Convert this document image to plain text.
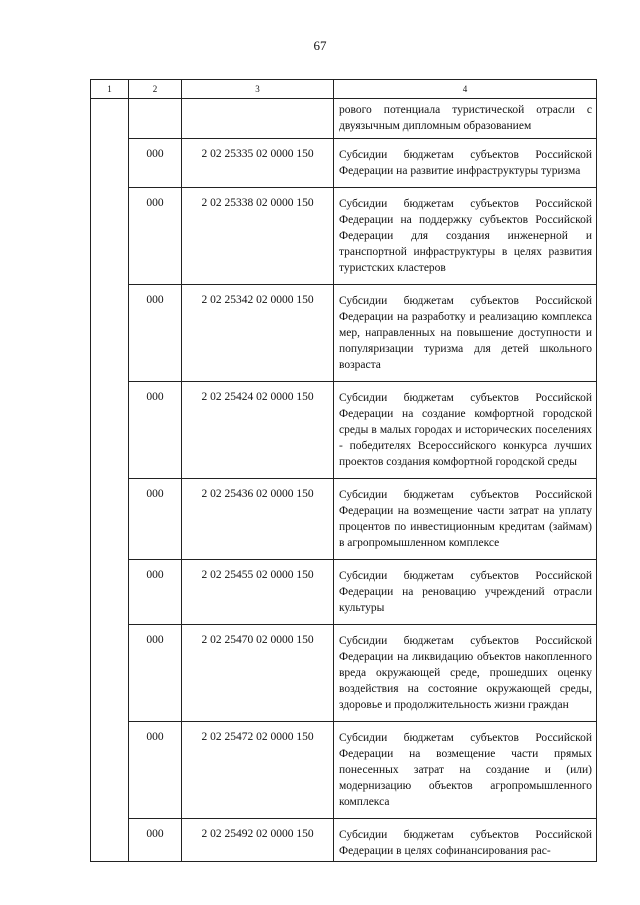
67
1	2	3	4
			рового потенциала туристической отрасли с двуязычным дипломным образованием
	000	2 02 25335 02 0000 150	Субсидии бюджетам субъектов Российской Федерации на развитие инфраструктуры туризма
	000	2 02 25338 02 0000 150	Субсидии бюджетам субъектов Российской Федерации на поддержку субъектов Российской Федерации для создания инженерной и транспортной инфраструктуры в целях развития туристских кластеров
	000	2 02 25342 02 0000 150	Субсидии бюджетам субъектов Российской Федерации на разработку и реализацию комплекса мер, направленных на повышение доступности и популяризации туризма для детей школьного возраста
	000	2 02 25424 02 0000 150	Субсидии бюджетам субъектов Российской Федерации на создание комфортной городской среды в малых городах и исторических поселениях - победителях Всероссийского конкурса лучших проектов создания комфортной городской среды
	000	2 02 25436 02 0000 150	Субсидии бюджетам субъектов Российской Федерации на возмещение части затрат на уплату процентов по инвестиционным кредитам (займам) в агропромышленном комплексе
	000	2 02 25455 02 0000 150	Субсидии бюджетам субъектов Российской Федерации на реновацию учреждений отрасли культуры
	000	2 02 25470 02 0000 150	Субсидии бюджетам субъектов Российской Федерации на ликвидацию объектов накопленного вреда окружающей среде, прошедших оценку воздействия на состояние окружающей среды, здоровье и продолжительность жизни граждан
	000	2 02 25472 02 0000 150	Субсидии бюджетам субъектов Российской Федерации на возмещение части прямых понесенных затрат на создание и (или) модернизацию объектов агропромышленного комплекса
	000	2 02 25492 02 0000 150	Субсидии бюджетам субъектов Российской Федерации в целях софинансирования рас-
